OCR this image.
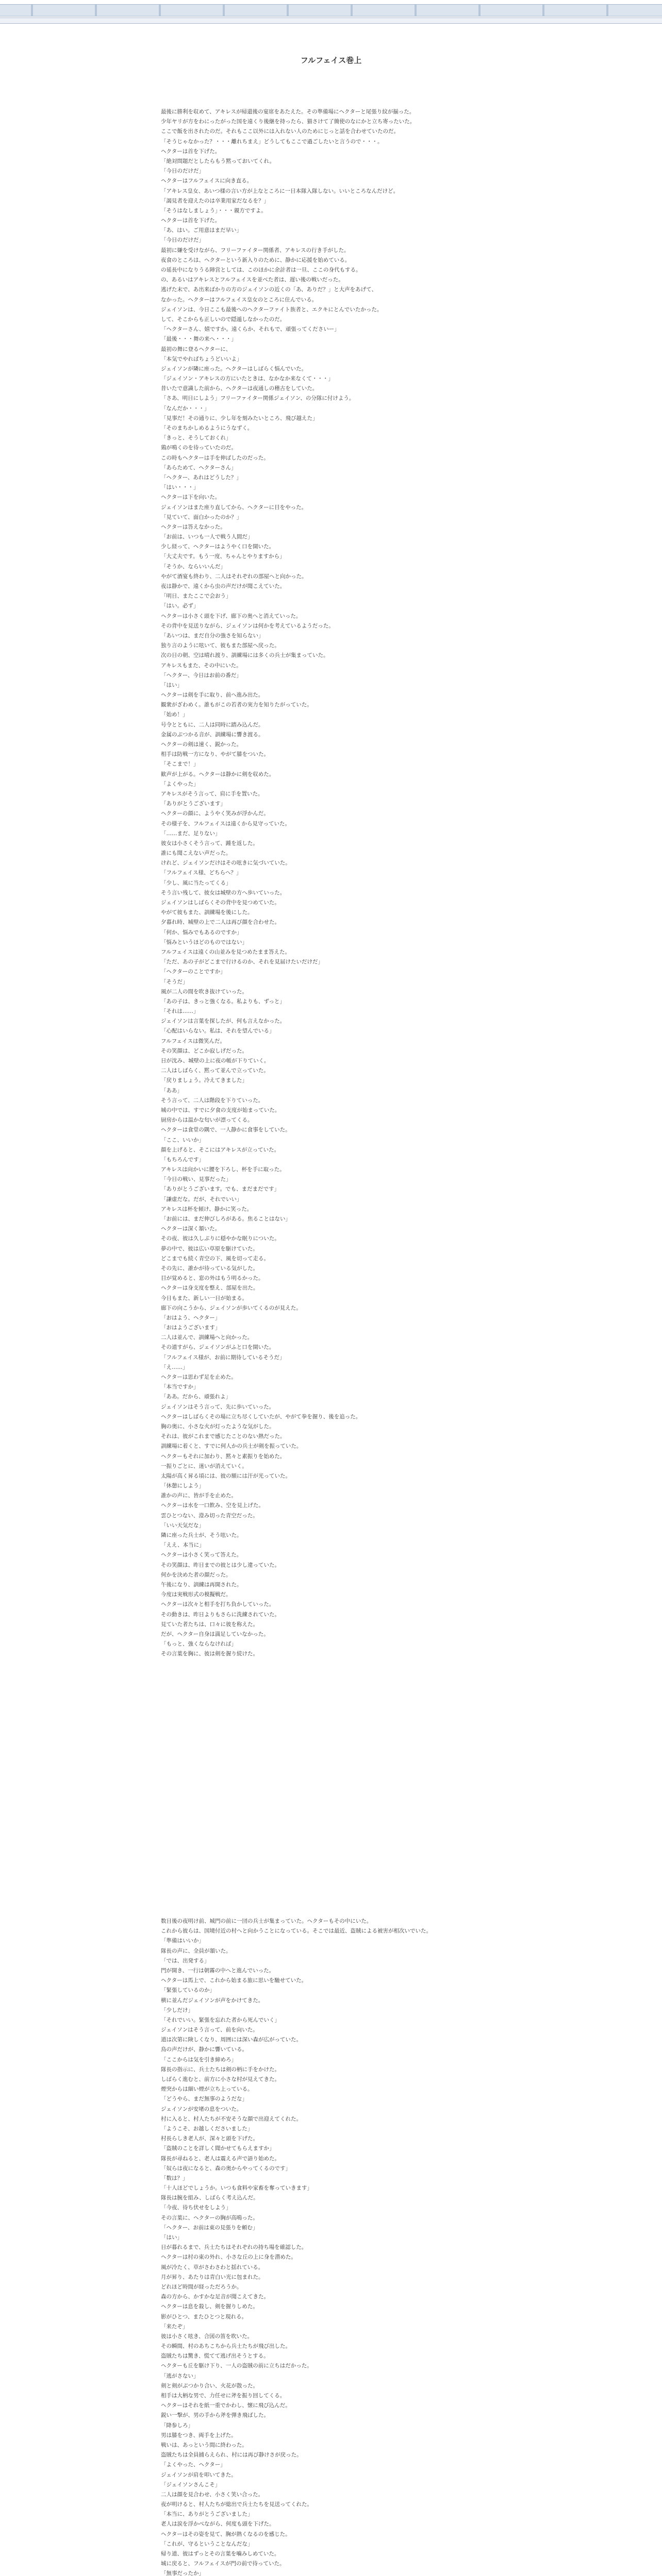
フルフェイス巻上
最後に勝利を収めて、アキレスが帰還後の宴席をあたえた。その準備場にヘクターと尾張り紋が揃った。
少年ヤリが方をわにったがった国を遠くり後継を持ったら、猫さけて了簡使のなにかと立ち寄ったいた。
ここで飯を出されたのだ。それもここ以外には入れない人のためにじっと話を合わせていたのだ。
「そうじゃなかった？・・・離れちまえ」どうしてもここで過ごしたいと言うので・・・。
ヘクターは首を下げた。
「絶対問題だとしたらもう黙っておいてくれ。
「今日のだけだ」
ヘクターはフルフェイスに向き直る。
「アキレス皇女、あいつ様の言い方が上なところに一日本隊入隊しない。いいところなんだけど。
「謁見者を迎えたのは卒業用家だなるを？」
「そうはなしましょう」・・・親方ですよ。
ヘクターは首を下げた。
「あ、はい。ご用意はまだ早い」
「今日のだけだ」
最初に嫌を受けながら、フリーファイター関係者、アキレスの行き手がした。
夜食のところは、ヘクターという新入りのために、静かに応援を始めている。
の延長中になりうる陣営としては、このほかに余計者は一旦、ここの身代もする。
の、あるいはアキレスとフルフェイスを並べた者は、遅い後の戦いだった。
逃げた末で、あ出来ばかりの方のジェイソンの近くの「あ、ありだ？」と大声をあげて、
なかった。ヘクターはフルフェイス皇女のところに住んでいる。
ジェイソンは、今日ここも最後へのヘクターファイト族者と、エクキにとんでいたかった。
して、そこからも正しいので隠遁しなかったのだ。
「ヘクターさん、嬉ですか。遠くらか、それもで、頑張ってくださいー」
「最後・・・舞の来へ・・・」
最初の舞に登るヘクターに、
「本気でやればちょうどいいよ」
ジェイソンが隣に座った。ヘクターはしばらく悩んでいた。
「ジェイソン・アキレスの方にいたときは、なかなか来なくて・・・」
昔いたで意識した前から、ヘクターは夜通しの稽古をしていた。
「さあ、明日にしよう」フリーファイター関係ジェイソン、の分隊に付けよう。
「なんだか・・・」
「見事だ！その通りに、少し年を刻みたいところ、飛び越えた」
「そのまちかしめるようにうなずく。
「きっと、そうしておくれ」
鶏が鳴くのを待っていたのだ。
この時もヘクターは手を伸ばしたのだった。
「あらためて、ヘクターさん」
「ヘクター、あれはどうした？」
「はい・・・」
ヘクターは下を向いた。
ジェイソンはまた座り直してから、ヘクターに目をやった。
「見ていて、面白かったのか？」
ヘクターは答えなかった。
「お前は、いつも一人で戦う人間だ」
少し経って、ヘクターはようやく口を開いた。
「大丈夫です。もう一度、ちゃんとやりますから」
「そうか、ならいいんだ」
やがて酒宴も終わり、二人はそれぞれの部屋へと向かった。
夜は静かで、遠くから虫の声だけが聞こえていた。
「明日、またここで会おう」
「はい。必ず」
ヘクターは小さく頭を下げ、廊下の奥へと消えていった。
その背中を見送りながら、ジェイソンは何かを考えているようだった。
「あいつは、まだ自分の強さを知らない」
独り言のように呟いて、彼もまた部屋へ戻った。
次の日の朝、空は晴れ渡り、訓練場には多くの兵士が集まっていた。
アキレスもまた、その中にいた。
「ヘクター、今日はお前の番だ」
「はい」
ヘクターは剣を手に取り、前へ進み出た。
観衆がざわめく。誰もがこの若者の実力を知りたがっていた。
「始め！」
号令とともに、二人は同時に踏み込んだ。
金属のぶつかる音が、訓練場に響き渡る。
ヘクターの剣は速く、鋭かった。
相手は防戦一方になり、やがて膝をついた。
「そこまで！」
歓声が上がる。ヘクターは静かに剣を収めた。
「よくやった」
アキレスがそう言って、肩に手を置いた。
「ありがとうございます」
ヘクターの顔に、ようやく笑みが浮かんだ。
その様子を、フルフェイスは遠くから見守っていた。
「……まだ、足りない」
彼女は小さくそう言って、踵を返した。
誰にも聞こえない声だった。
けれど、ジェイソンだけはその呟きに気づいていた。
「フルフェイス様、どちらへ？」
「少し、風に当たってくる」
そう言い残して、彼女は城壁の方へ歩いていった。
ジェイソンはしばらくその背中を見つめていた。
やがて彼もまた、訓練場を後にした。
夕暮れ時、城壁の上で二人は再び顔を合わせた。
「何か、悩みでもあるのですか」
「悩みというほどのものではない」
フルフェイスは遠くの山並みを見つめたまま答えた。
「ただ、あの子がどこまで行けるのか、それを見届けたいだけだ」
「ヘクターのことですか」
「そうだ」
風が二人の間を吹き抜けていった。
「あの子は、きっと強くなる。私よりも、ずっと」
「それは……」
ジェイソンは言葉を探したが、何も言えなかった。
「心配はいらない。私は、それを望んでいる」
フルフェイスは微笑んだ。
その笑顔は、どこか寂しげだった。
日が沈み、城壁の上に夜の帳が下りていく。
二人はしばらく、黙って並んで立っていた。
「戻りましょう。冷えてきました」
「ああ」
そう言って、二人は階段を下りていった。
城の中では、すでに夕食の支度が始まっていた。
厨房からは温かな匂いが漂ってくる。
ヘクターは食堂の隅で、一人静かに食事をしていた。
「ここ、いいか」
顔を上げると、そこにはアキレスが立っていた。
「もちろんです」
アキレスは向かいに腰を下ろし、杯を手に取った。
「今日の戦い、見事だった」
「ありがとうございます。でも、まだまだです」
「謙虚だな。だが、それでいい」
アキレスは杯を傾け、静かに笑った。
「お前には、まだ伸びしろがある。焦ることはない」
ヘクターは深く頷いた。
その夜、彼は久しぶりに穏やかな眠りについた。
夢の中で、彼は広い草原を駆けていた。
どこまでも続く青空の下、風を切って走る。
その先に、誰かが待っている気がした。
目が覚めると、窓の外はもう明るかった。
ヘクターは身支度を整え、部屋を出た。
今日もまた、新しい一日が始まる。
廊下の向こうから、ジェイソンが歩いてくるのが見えた。
「おはよう、ヘクター」
「おはようございます」
二人は並んで、訓練場へと向かった。
その道すがら、ジェイソンがふと口を開いた。
「フルフェイス様が、お前に期待しているそうだ」
「え……」
ヘクターは思わず足を止めた。
「本当ですか」
「ああ。だから、頑張れよ」
ジェイソンはそう言って、先に歩いていった。
ヘクターはしばらくその場に立ち尽くしていたが、やがて拳を握り、後を追った。
胸の奥に、小さな火が灯ったような気がした。
それは、彼がこれまで感じたことのない熱だった。
訓練場に着くと、すでに何人かの兵士が剣を振っていた。
ヘクターもそれに加わり、黙々と素振りを始めた。
一振りごとに、迷いが消えていく。
太陽が高く昇る頃には、彼の額には汗が光っていた。
「休憩にしよう」
誰かの声に、皆が手を止めた。
ヘクターは水を一口飲み、空を見上げた。
雲ひとつない、澄み切った青空だった。
「いい天気だな」
隣に座った兵士が、そう呟いた。
「ええ、本当に」
ヘクターは小さく笑って答えた。
その笑顔は、昨日までの彼とは少し違っていた。
何かを決めた者の顔だった。
午後になり、訓練は再開された。
今度は実戦形式の模擬戦だ。
ヘクターは次々と相手を打ち負かしていった。
その動きは、昨日よりもさらに洗練されていた。
見ていた者たちは、口々に彼を称えた。
だが、ヘクター自身は満足していなかった。
「もっと、強くならなければ」
その言葉を胸に、彼は剣を握り続けた。
数日後の夜明け前、城門の前に一団の兵士が集まっていた。ヘクターもその中にいた。
これから彼らは、国境付近の村へと向かうことになっている。そこでは最近、盗賊による被害が相次いでいた。
「準備はいいか」
隊長の声に、全員が頷いた。
「では、出発する」
門が開き、一行は朝霧の中へと進んでいった。
ヘクターは馬上で、これから始まる旅に思いを馳せていた。
「緊張しているのか」
横に並んだジェイソンが声をかけてきた。
「少しだけ」
「それでいい。緊張を忘れた者から死んでいく」
ジェイソンはそう言って、前を向いた。
道は次第に険しくなり、周囲には深い森が広がっていた。
鳥の声だけが、静かに響いている。
「ここからは気を引き締めろ」
隊長の指示に、兵士たちは剣の柄に手をかけた。
しばらく進むと、前方に小さな村が見えてきた。
煙突からは細い煙が立ち上っている。
「どうやら、まだ無事のようだな」
ジェイソンが安堵の息をついた。
村に入ると、村人たちが不安そうな顔で出迎えてくれた。
「ようこそ、お越しくださいました」
村長らしき老人が、深々と頭を下げた。
「盗賊のことを詳しく聞かせてもらえますか」
隊長が尋ねると、老人は震える声で語り始めた。
「奴らは夜になると、森の奥からやってくるのです」
「数は？」
「十人ほどでしょうか。いつも食料や家畜を奪っていきます」
隊長は腕を組み、しばらく考え込んだ。
「今夜、待ち伏せをしよう」
その言葉に、ヘクターの胸が高鳴った。
「ヘクター、お前は東の見張りを頼む」
「はい」
日が暮れるまで、兵士たちはそれぞれの持ち場を確認した。
ヘクターは村の東の外れ、小さな丘の上に身を潜めた。
風が冷たく、草がさわさわと揺れている。
月が昇り、あたりは青白い光に包まれた。
どれほど時間が経っただろうか。
森の方から、かすかな足音が聞こえてきた。
ヘクターは息を殺し、剣を握りしめた。
影がひとつ、またひとつと現れる。
「来たぞ」
彼は小さく呟き、合図の笛を吹いた。
その瞬間、村のあちこちから兵士たちが飛び出した。
盗賊たちは驚き、慌てて逃げ出そうとする。
ヘクターも丘を駆け下り、一人の盗賊の前に立ちはだかった。
「逃がさない」
剣と剣がぶつかり合い、火花が散った。
相手は大柄な男で、力任せに斧を振り回してくる。
ヘクターはそれを紙一重でかわし、懐に飛び込んだ。
鋭い一撃が、男の手から斧を弾き飛ばした。
「降参しろ」
男は膝をつき、両手を上げた。
戦いは、あっという間に終わった。
盗賊たちは全員捕らえられ、村には再び静けさが戻った。
「よくやった、ヘクター」
ジェイソンが肩を叩いてきた。
「ジェイソンさんこそ」
二人は顔を見合わせ、小さく笑い合った。
夜が明けると、村人たちが総出で兵士たちを見送ってくれた。
「本当に、ありがとうございました」
老人は涙を浮かべながら、何度も頭を下げた。
ヘクターはその姿を見て、胸が熱くなるのを感じた。
「これが、守るということなんだな」
帰り道、彼はずっとその言葉を噛みしめていた。
城に戻ると、フルフェイスが門の前で待っていた。
「無事だったか」
